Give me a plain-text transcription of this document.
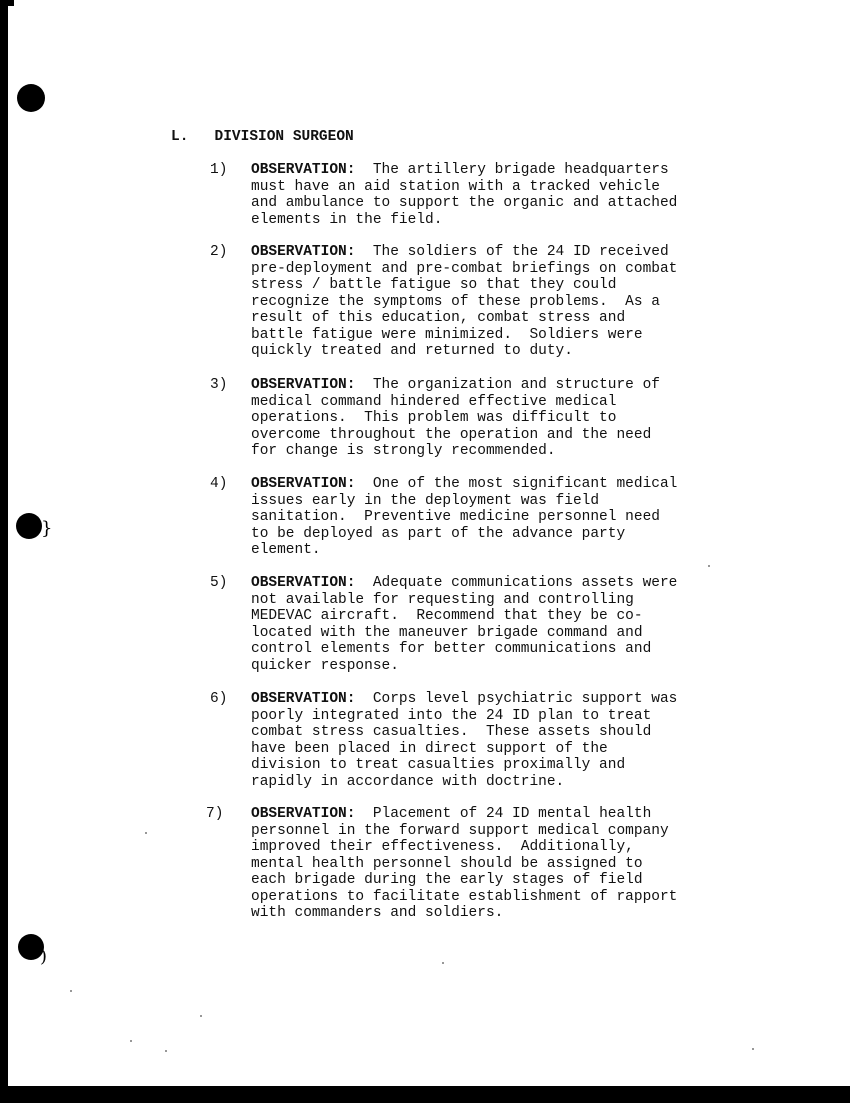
}
)
L. DIVISION SURGEON
1) OBSERVATION: The artillery brigade headquarters
must have an aid station with a tracked vehicle
and ambulance to support the organic and attached
elements in the field.
2) OBSERVATION: The soldiers of the 24 ID received
pre-deployment and pre-combat briefings on combat
stress / battle fatigue so that they could
recognize the symptoms of these problems.  As a
result of this education, combat stress and
battle fatigue were minimized.  Soldiers were
quickly treated and returned to duty.
3) OBSERVATION: The organization and structure of
medical command hindered effective medical
operations.  This problem was difficult to
overcome throughout the operation and the need
for change is strongly recommended.
4) OBSERVATION: One of the most significant medical
issues early in the deployment was field
sanitation.  Preventive medicine personnel need
to be deployed as part of the advance party
element.
5) OBSERVATION: Adequate communications assets were
not available for requesting and controlling
MEDEVAC aircraft.  Recommend that they be co-
located with the maneuver brigade command and
control elements for better communications and
quicker response.
6) OBSERVATION: Corps level psychiatric support was
poorly integrated into the 24 ID plan to treat
combat stress casualties.  These assets should
have been placed in direct support of the
division to treat casualties proximally and
rapidly in accordance with doctrine.
7) OBSERVATION: Placement of 24 ID mental health
personnel in the forward support medical company
improved their effectiveness.  Additionally,
mental health personnel should be assigned to
each brigade during the early stages of field
operations to facilitate establishment of rapport
with commanders and soldiers.
